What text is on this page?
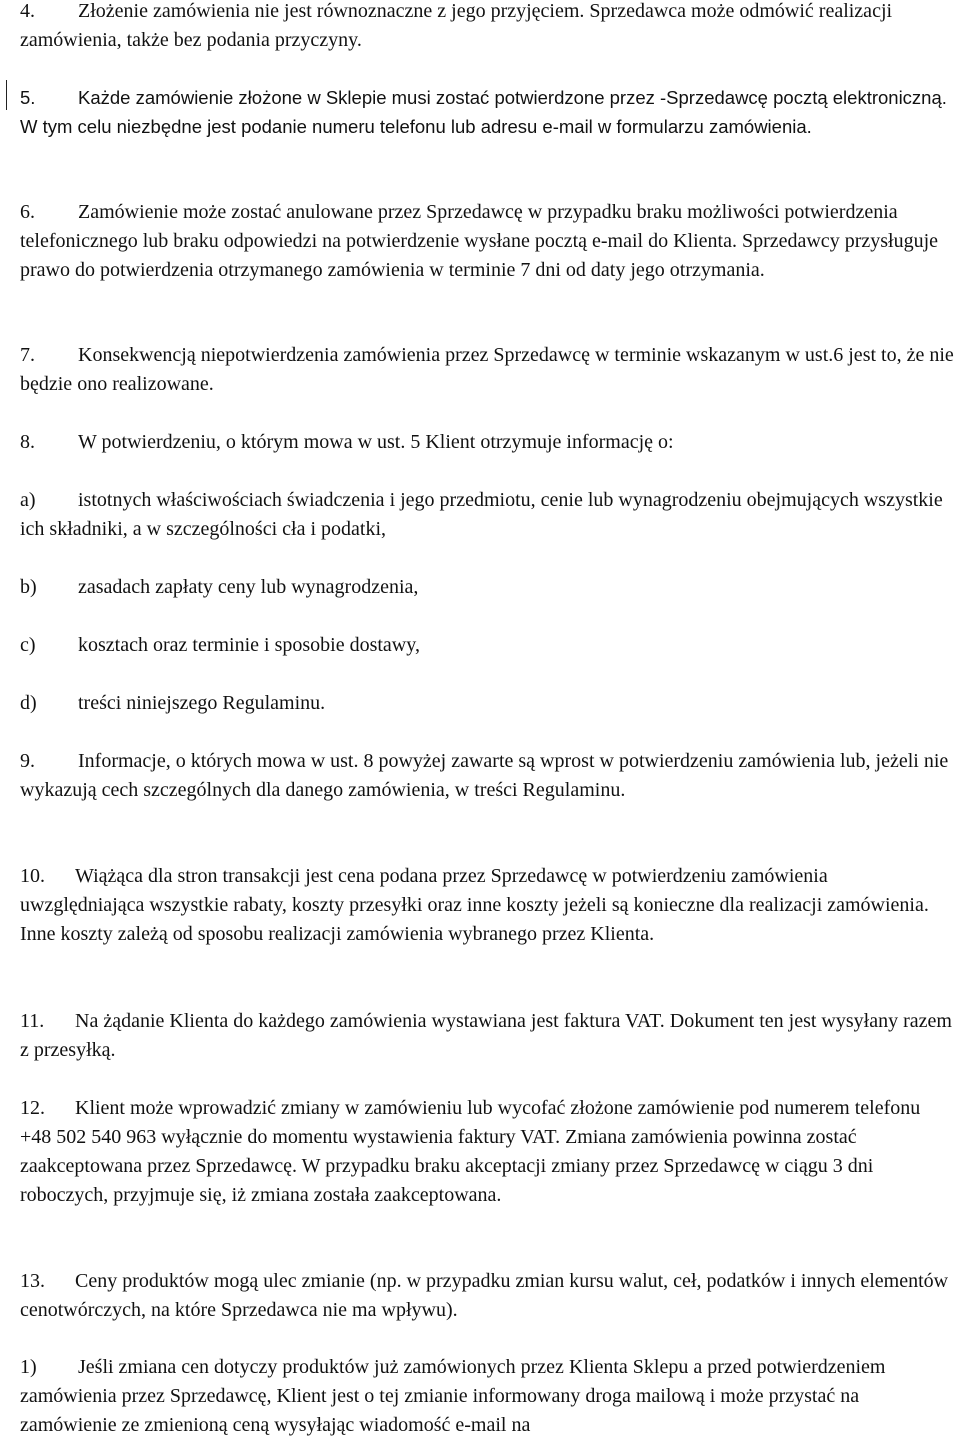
4. Złożenie zamówienia nie jest równoznaczne z jego przyjęciem. Sprzedawca może odmówić realizacji zamówienia, także bez podania przyczyny.

5. Każde zamówienie złożone w Sklepie musi zostać potwierdzone przez -Sprzedawcę pocztą elektroniczną. W tym celu niezbędne jest podanie numeru telefonu lub adresu e-mail w formularzu zamówienia.

6. Zamówienie może zostać anulowane przez Sprzedawcę w przypadku braku możliwości potwierdzenia telefonicznego lub braku odpowiedzi na potwierdzenie wysłane pocztą e-mail do Klienta. Sprzedawcy przysługuje prawo do potwierdzenia otrzymanego zamówienia w terminie 7 dni od daty jego otrzymania.

7. Konsekwencją niepotwierdzenia zamówienia przez Sprzedawcę w terminie wskazanym w ust.6 jest to, że nie będzie ono realizowane.

8. W potwierdzeniu, o którym mowa w ust. 5 Klient otrzymuje informację o:

a) istotnych właściwościach świadczenia i jego przedmiotu, cenie lub wynagrodzeniu obejmujących wszystkie ich składniki, a w szczególności cła i podatki,

b) zasadach zapłaty ceny lub wynagrodzenia,

c) kosztach oraz terminie i sposobie dostawy,

d) treści niniejszego Regulaminu.

9. Informacje, o których mowa w ust. 8 powyżej zawarte są wprost w potwierdzeniu zamówienia lub, jeżeli nie wykazują cech szczególnych dla danego zamówienia, w treści Regulaminu.

10. Wiążąca dla stron transakcji jest cena podana przez Sprzedawcę w potwierdzeniu zamówienia uwzględniająca wszystkie rabaty, koszty przesyłki oraz inne koszty jeżeli są konieczne dla realizacji zamówienia. Inne koszty zależą od sposobu realizacji zamówienia wybranego przez Klienta.

11. Na żądanie Klienta do każdego zamówienia wystawiana jest faktura VAT. Dokument ten jest wysyłany razem z przesyłką.

12. Klient może wprowadzić zmiany w zamówieniu lub wycofać złożone zamówienie pod numerem telefonu+48 502 540 963 wyłącznie do momentu wystawienia faktury VAT. Zmiana zamówienia powinna zostać zaakceptowana przez Sprzedawcę. W przypadku braku akceptacji zmiany przez Sprzedawcę w ciągu 3 dni roboczych, przyjmuje się, iż zmiana została zaakceptowana.

13. Ceny produktów mogą ulec zmianie (np. w przypadku zmian kursu walut, ceł, podatków i innych elementów cenotwórczych, na które Sprzedawca nie ma wpływu).

1) Jeśli zmiana cen dotyczy produktów już zamówionych przez Klienta Sklepu a przed potwierdzeniem zamówienia przez Sprzedawcę, Klient jest o tej zmianie informowany droga mailową i może przystać na zamówienie ze zmienioną ceną wysyłając wiadomość e-mail na
